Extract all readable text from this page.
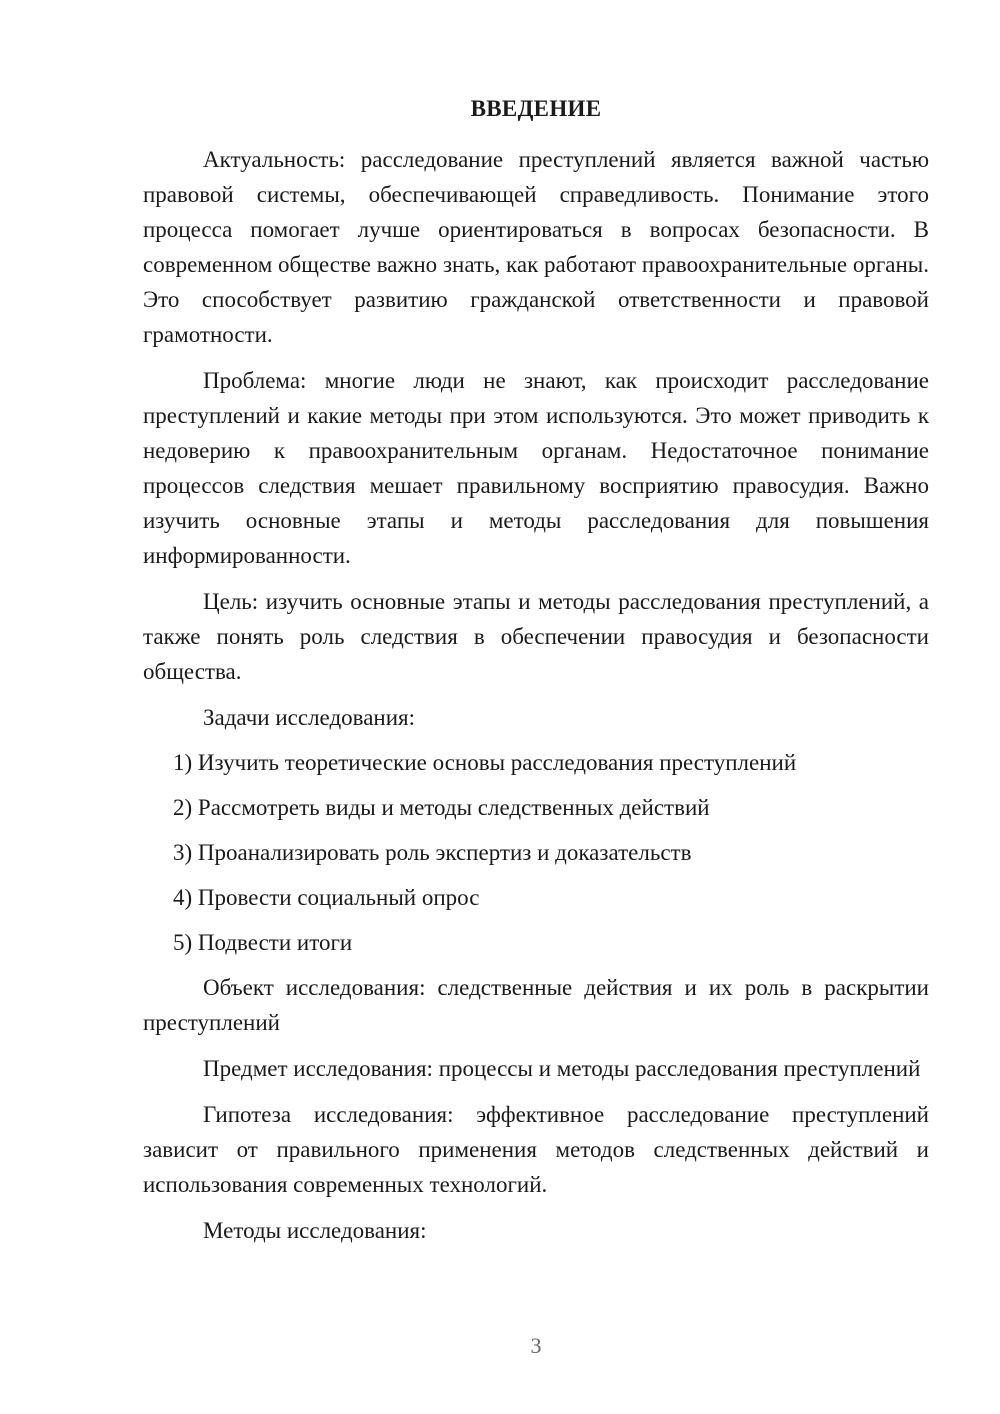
ВВЕДЕНИЕ

Актуальность: расследование преступлений является важной частью правовой системы, обеспечивающей справедливость. Понимание этого процесса помогает лучше ориентироваться в вопросах безопасности. В современном обществе важно знать, как работают правоохранительные органы. Это способствует развитию гражданской ответственности и правовой грамотности.

Проблема: многие люди не знают, как происходит расследование преступлений и какие методы при этом используются. Это может приводить к недоверию к правоохранительным органам. Недостаточное понимание процессов следствия мешает правильному восприятию правосудия. Важно изучить основные этапы и методы расследования для повышения информированности.

Цель: изучить основные этапы и методы расследования преступлений, а также понять роль следствия в обеспечении правосудия и безопасности общества.

Задачи исследования:

1) Изучить теоретические основы расследования преступлений
2) Рассмотреть виды и методы следственных действий
3) Проанализировать роль экспертиз и доказательств
4) Провести социальный опрос
5) Подвести итоги

Объект исследования: следственные действия и их роль в раскрытии преступлений

Предмет исследования: процессы и методы расследования преступлений

Гипотеза исследования: эффективное расследование преступлений зависит от правильного применения методов следственных действий и использования современных технологий.

Методы исследования:

3
